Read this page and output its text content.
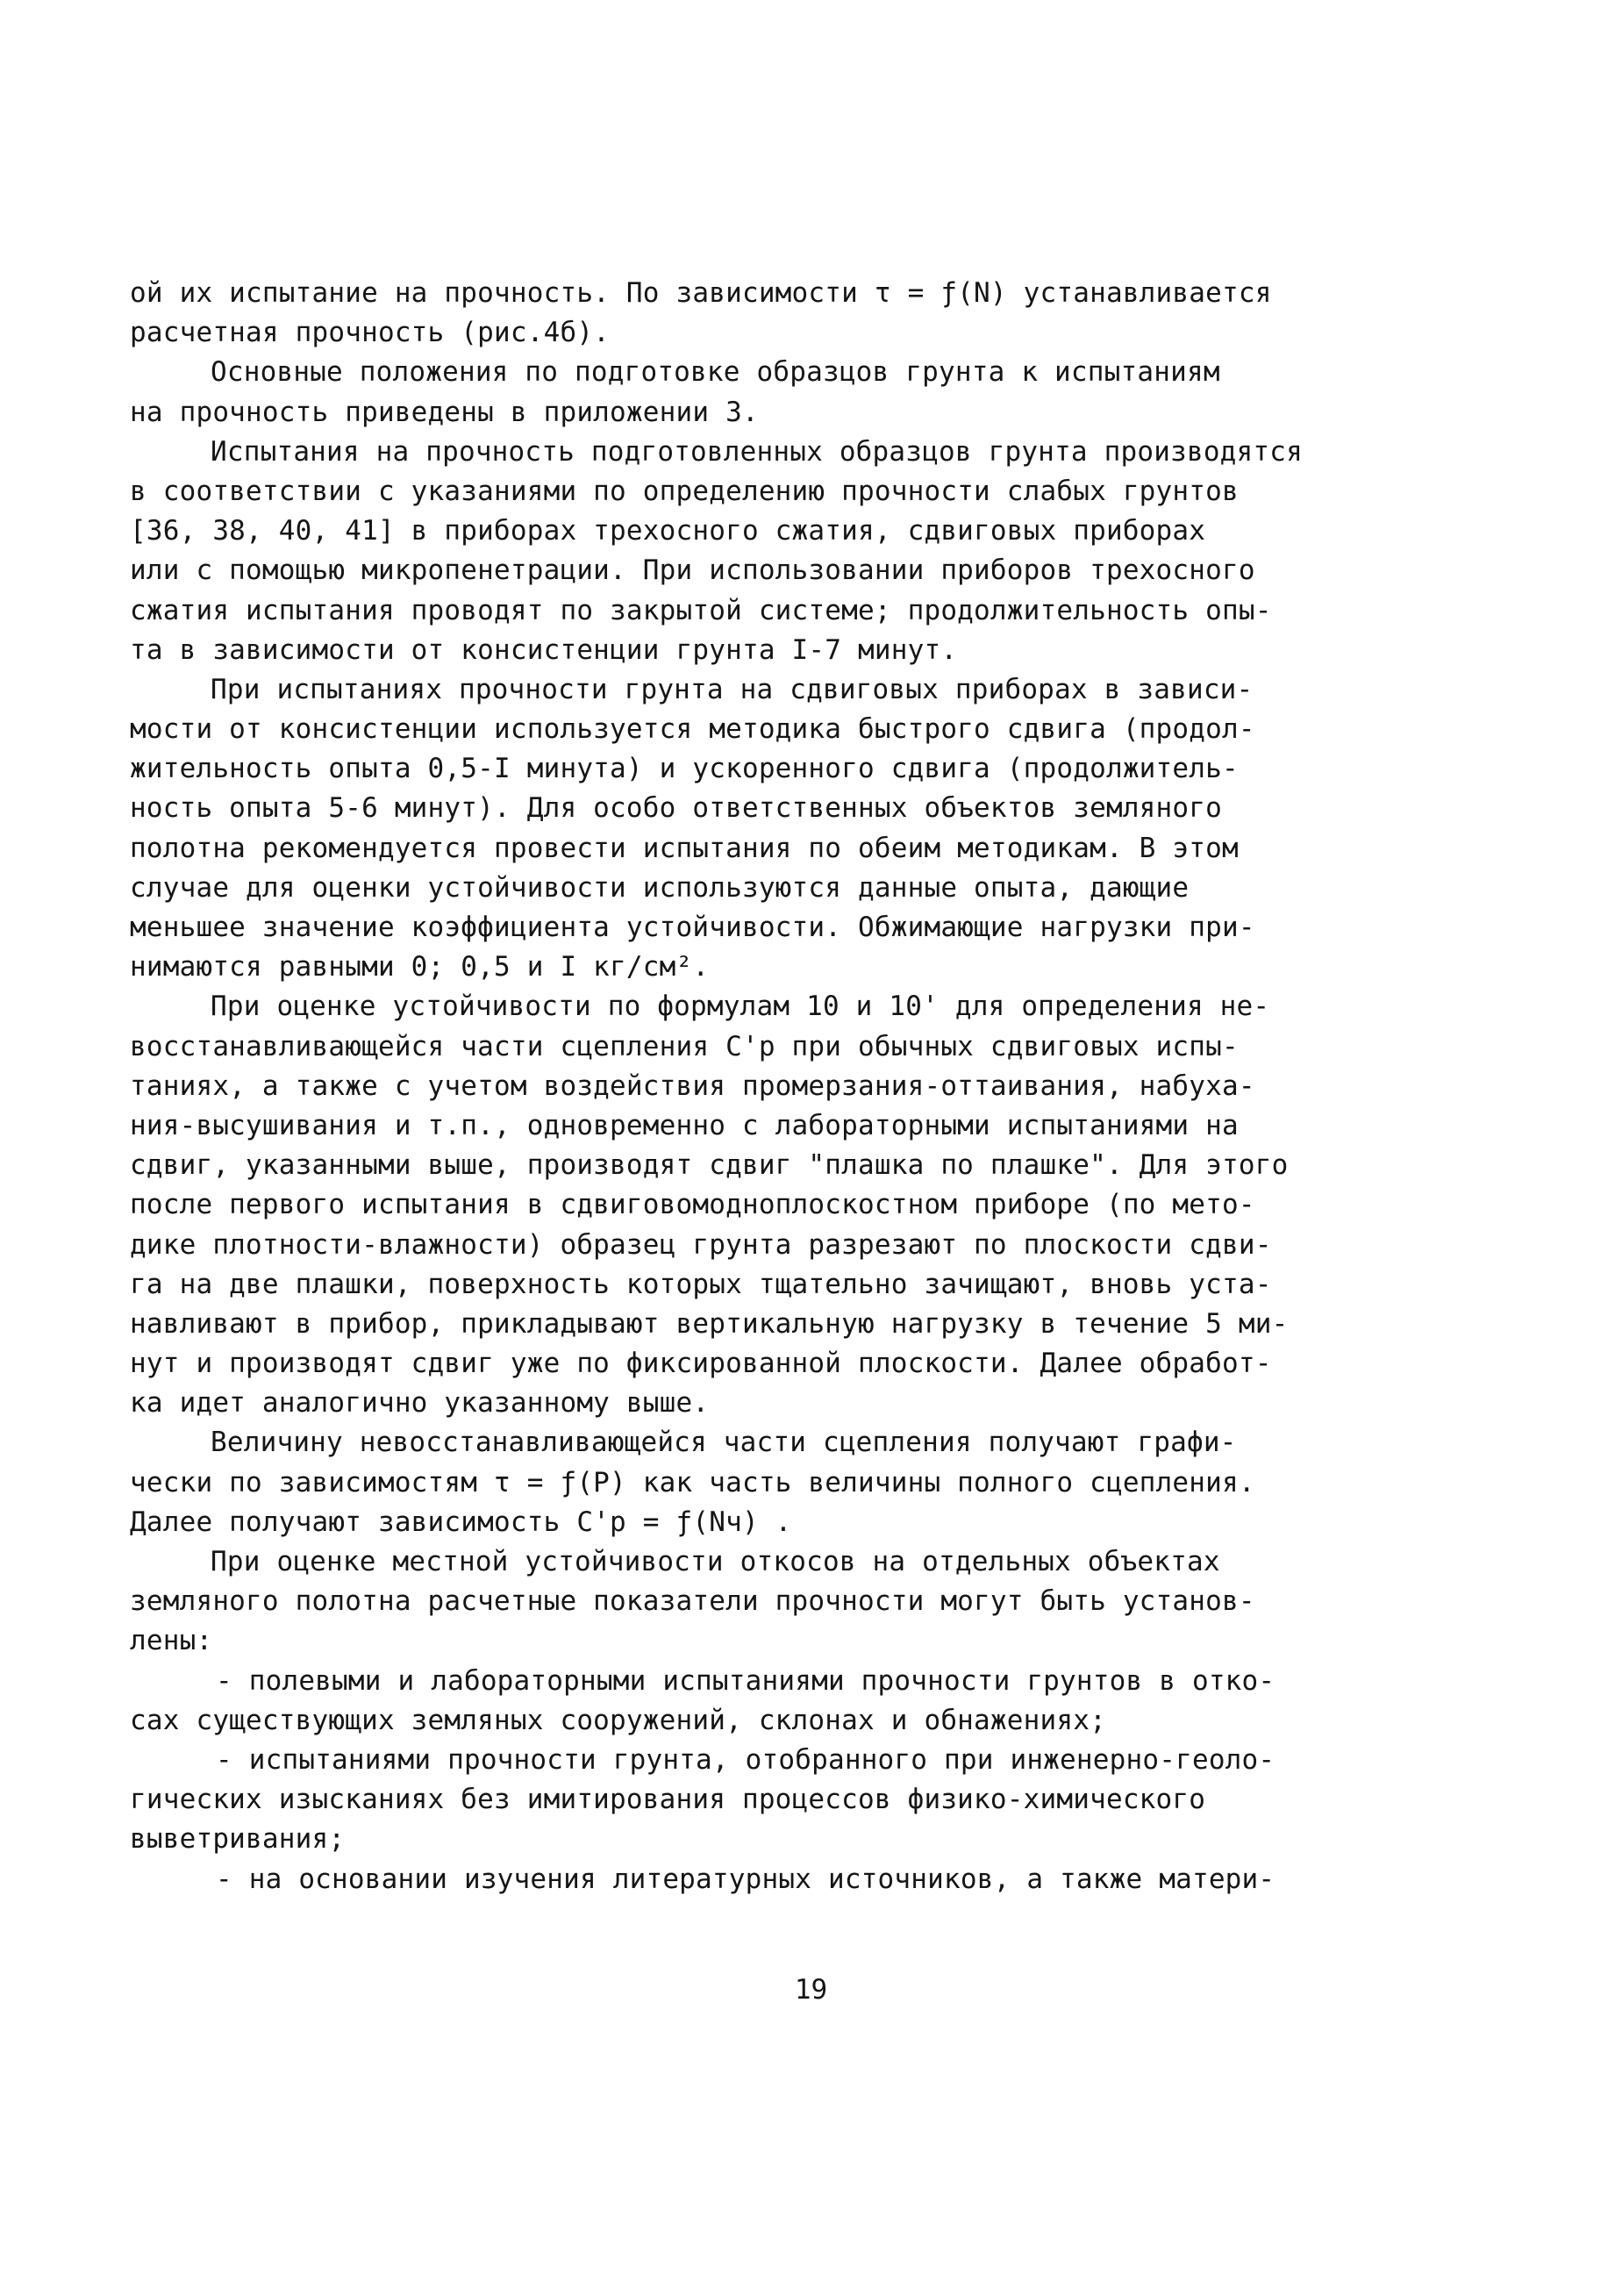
ой их испытание на прочность. По зависимости τ = ƒ(N) устанавливается
расчетная прочность (рис.4б).
Основные положения по подготовке образцов грунта к испытаниям
на прочность приведены в приложении 3.
Испытания на прочность подготовленных образцов грунта производятся
в соответствии с указаниями по определению прочности слабых грунтов
[36, 38, 40, 41] в приборах трехосного сжатия, сдвиговых приборах
или с помощью микропенетрации. При использовании приборов трехосного
сжатия испытания проводят по закрытой системе; продолжительность опы-
та в зависимости от консистенции грунта I-7 минут.
При испытаниях прочности грунта на сдвиговых приборах в зависи-
мости от консистенции используется методика быстрого сдвига (продол-
жительность опыта 0,5-I минута) и ускоренного сдвига (продолжитель-
ность опыта 5-6 минут). Для особо ответственных объектов земляного
полотна рекомендуется провести испытания по обеим методикам. В этом
случае для оценки устойчивости используются данные опыта, дающие
меньшее значение коэффициента устойчивости. Обжимающие нагрузки при-
нимаются равными 0; 0,5 и I кг/см².
При оценке устойчивости по формулам 10 и 10' для определения не-
восстанавливающейся части сцепления C'р при обычных сдвиговых испы-
таниях, а также с учетом воздействия промерзания-оттаивания, набуха-
ния-высушивания и т.п., одновременно с лабораторными испытаниями на
сдвиг, указанными выше, производят сдвиг "плашка по плашке". Для этого
после первого испытания в сдвиговомодноплоскостном приборе (по мето-
дике плотности-влажности) образец грунта разрезают по плоскости сдви-
га на две плашки, поверхность которых тщательно зачищают, вновь уста-
навливают в прибор, прикладывают вертикальную нагрузку в течение 5 ми-
нут и производят сдвиг уже по фиксированной плоскости. Далее обработ-
ка идет аналогично указанному выше.
Величину невосстанавливающейся части сцепления получают графи-
чески по зависимостям τ = ƒ(P) как часть величины полного сцепления.
Далее получают зависимость C'р = ƒ(Nч) .
При оценке местной устойчивости откосов на отдельных объектах
земляного полотна расчетные показатели прочности могут быть установ-
лены:
- полевыми и лабораторными испытаниями прочности грунтов в отко-
сах существующих земляных сооружений, склонах и обнажениях;
- испытаниями прочности грунта, отобранного при инженерно-геоло-
гических изысканиях без имитирования процессов физико-химического
выветривания;
- на основании изучения литературных источников, а также матери-
19
